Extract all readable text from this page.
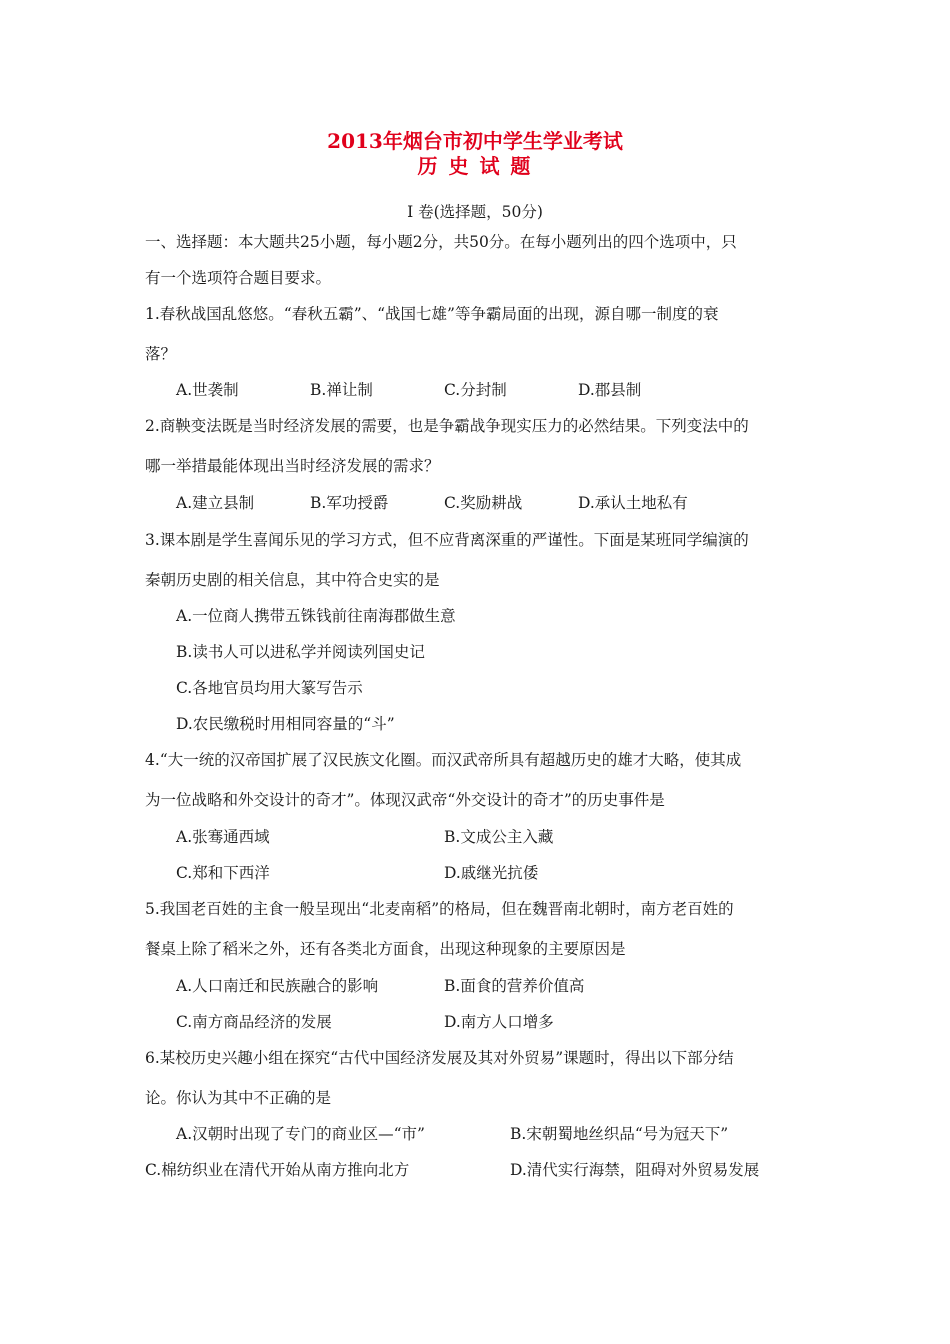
2013年烟台市初中学生学业考试
历 史 试 题
Ⅰ 卷(选择题，50分)
一、选择题：本大题共25小题，每小题2分，共50分。在每小题列出的四个选项中，只
有一个选项符合题目要求。
1.春秋战国乱悠悠。“春秋五霸”、“战国七雄”等争霸局面的出现，源自哪一制度的衰
落？
A.世袭制	B.禅让制	C.分封制	D.郡县制
2.商鞅变法既是当时经济发展的需要，也是争霸战争现实压力的必然结果。下列变法中的
哪一举措最能体现出当时经济发展的需求？
A.建立县制	B.军功授爵	C.奖励耕战	D.承认土地私有
3.课本剧是学生喜闻乐见的学习方式，但不应背离深重的严谨性。下面是某班同学编演的
秦朝历史剧的相关信息，其中符合史实的是
A.一位商人携带五铢钱前往南海郡做生意
B.读书人可以进私学并阅读列国史记
C.各地官员均用大篆写告示
D.农民缴税时用相同容量的“斗”
4.“大一统的汉帝国扩展了汉民族文化圈。而汉武帝所具有超越历史的雄才大略，使其成
为一位战略和外交设计的奇才”。体现汉武帝“外交设计的奇才”的历史事件是
A.张骞通西域	B.文成公主入藏
C.郑和下西洋	D.戚继光抗倭
5.我国老百姓的主食一般呈现出“北麦南稻”的格局，但在魏晋南北朝时，南方老百姓的
餐桌上除了稻米之外，还有各类北方面食，出现这种现象的主要原因是
A.人口南迁和民族融合的影响	B.面食的营养价值高
C.南方商品经济的发展	D.南方人口增多
6.某校历史兴趣小组在探究“古代中国经济发展及其对外贸易”课题时，得出以下部分结
论。你认为其中不正确的是
A.汉朝时出现了专门的商业区—“市”	B.宋朝蜀地丝织品“号为冠天下”
C.棉纺织业在清代开始从南方推向北方	D.清代实行海禁，阻碍对外贸易发展
